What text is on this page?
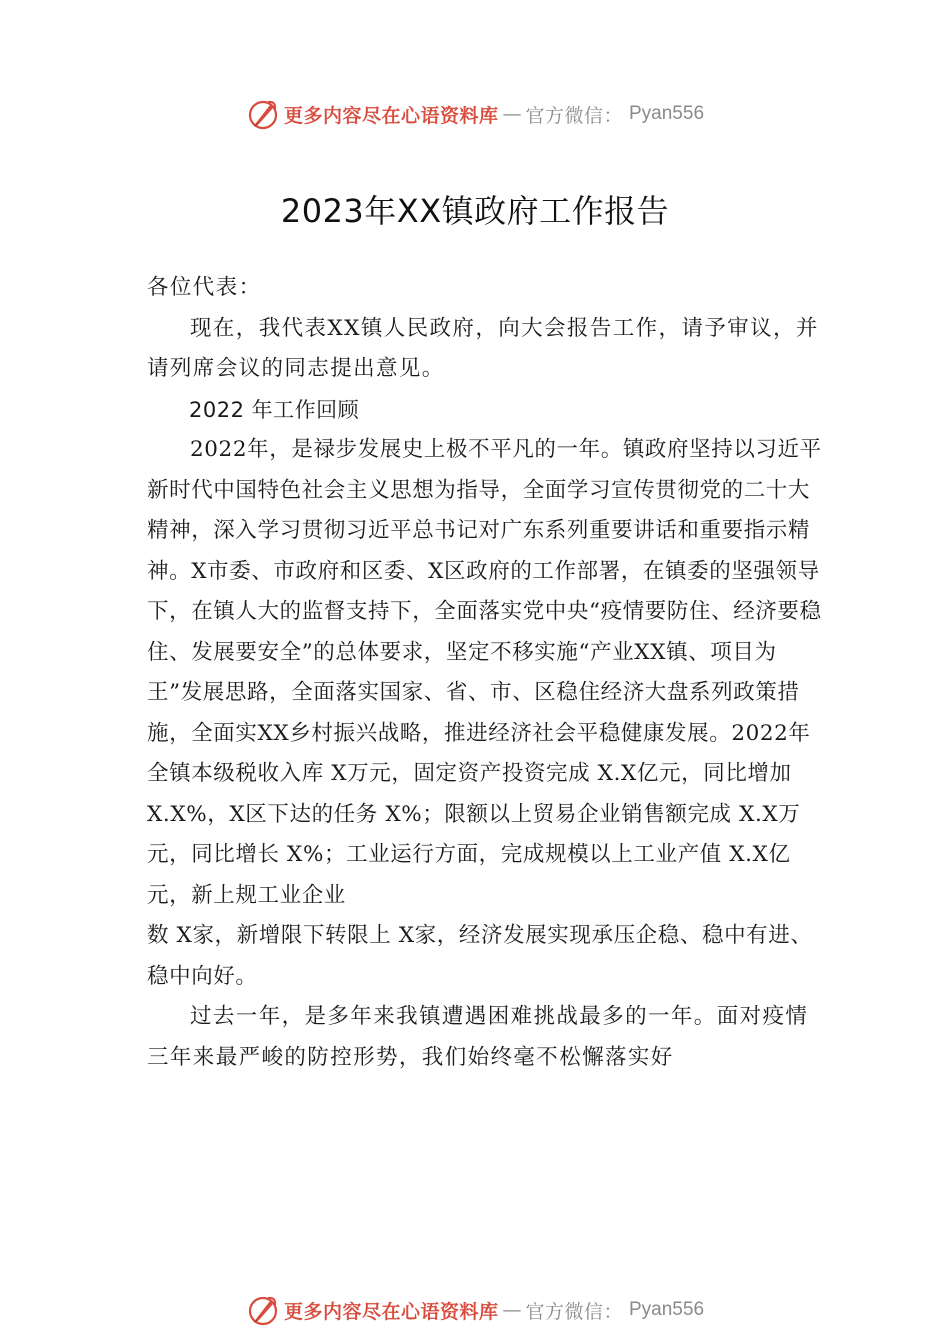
更多内容尽在心语资料库 — 官方微信： Pyan556
2023年XX镇政府工作报告

各位代表：

现在，我代表XX镇人民政府，向大会报告工作，请予审议，并请列席会议的同志提出意见。

2022 年工作回顾

2022年，是禄步发展史上极不平凡的一年。镇政府坚持以习近平新时代中国特色社会主义思想为指导，全面学习宣传贯彻党的二十大精神，深入学习贯彻习近平总书记对广东系列重要讲话和重要指示精神。X市委、市政府和区委、X区政府的工作部署，在镇委的坚强领导下，在镇人大的监督支持下，全面落实党中央“疫情要防住、经济要稳住、发展要安全”的总体要求，坚定不移实施“产业XX镇、项目为王”发展思路，全面落实国家、省、市、区稳住经济大盘系列政策措施，全面实XX乡村振兴战略，推进经济社会平稳健康发展。2022年全镇本级税收入库 X万元，固定资产投资完成 X.X亿元，同比增加 X.X%，X区下达的任务 X%；限额以上贸易企业销售额完成 X.X万元，同比增长 X%；工业运行方面，完成规模以上工业产值 X.X亿元，新上规工业企业

数 X家，新增限下转限上 X家，经济发展实现承压企稳、稳中有进、稳中向好。

过去一年，是多年来我镇遭遇困难挑战最多的一年。面对疫情三年来最严峻的防控形势，我们始终毫不松懈落实好

更多内容尽在心语资料库 — 官方微信： Pyan556
